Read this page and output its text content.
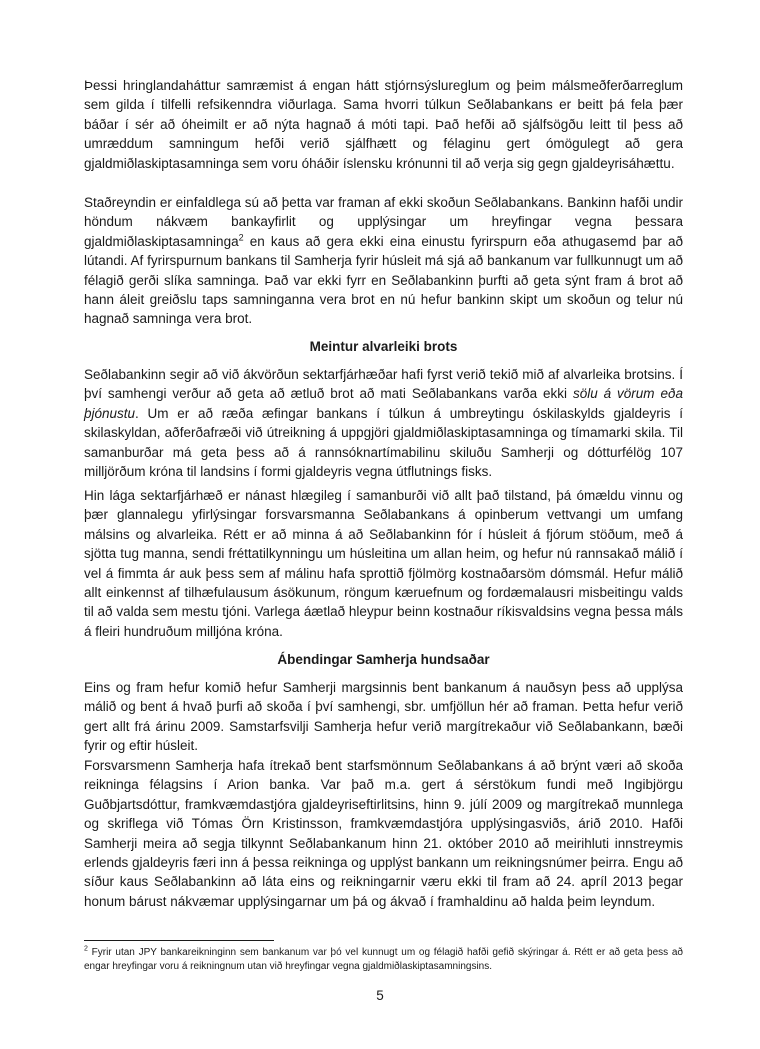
Þessi hringlandaháttur samræmist á engan hátt stjórnsýslureglum og þeim málsmeðferðarreglum sem gilda í tilfelli refsikenndra viðurlaga. Sama hvorri túlkun Seðlabankans er beitt þá fela þær báðar í sér að óheimilt er að nýta hagnað á móti tapi. Það hefði að sjálfsögðu leitt til þess að umræddum samningum hefði verið sjálfhætt og félaginu gert ómögulegt að gera gjaldmiðlaskiptasamninga sem voru óháðir íslensku krónunni til að verja sig gegn gjaldeyrisáhættu.

Staðreyndin er einfaldlega sú að þetta var framan af ekki skoðun Seðlabankans. Bankinn hafði undir höndum nákvæm bankayfirlit og upplýsingar um hreyfingar vegna þessara gjaldmiðlaskiptasamninga$^2$ en kaus að gera ekki eina einustu fyrirspurn eða athugasemd þar að lútandi. Af fyrirspurnum bankans til Samherja fyrir húsleit má sjá að bankanum var fullkunnugt um að félagið gerði slíka samninga. Það var ekki fyrr en Seðlabankinn þurfti að geta sýnt fram á brot að hann áleit greiðslu taps samninganna vera brot en nú hefur bankinn skipt um skoðun og telur nú hagnað samninga vera brot.

Meintur alvarleiki brots

Seðlabankinn segir að við ákvörðun sektarfjárhæðar hafi fyrst verið tekið mið af alvarleika brotsins. Í því samhengi verður að geta að ætluð brot að mati Seðlabankans varða ekki sölu á vörum eða þjónustu. Um er að ræða æfingar bankans í túlkun á umbreytingu óskilaskylds gjaldeyris í skilaskyldan, aðferðafræði við útreikning á uppgjöri gjaldmiðlaskiptasamninga og tímamarki skila. Til samanburðar má geta þess að á rannsóknartímabilinu skiluðu Samherji og dótturfélög 107 milljörðum króna til landsins í formi gjaldeyris vegna útflutnings fisks.

Hin lága sektarfjárhæð er nánast hlægileg í samanburði við allt það tilstand, þá ómældu vinnu og þær glannalegu yfirlýsingar forsvarsmanna Seðlabankans á opinberum vettvangi um umfang málsins og alvarleika. Rétt er að minna á að Seðlabankinn fór í húsleit á fjórum stöðum, með á sjötta tug manna, sendi fréttatilkynningu um húsleitina um allan heim, og hefur nú rannsakað málið í vel á fimmta ár auk þess sem af málinu hafa sprottið fjölmörg kostnaðarsöm dómsmál. Hefur málið allt einkennst af tilhæfulausum ásökunum, röngum kæruefnum og fordæmalausri misbeitingu valds til að valda sem mestu tjóni. Varlega áætlað hleypur beinn kostnaður ríkisvaldsins vegna þessa máls á fleiri hundruðum milljóna króna.

Ábendingar Samherja hundsaðar

Eins og fram hefur komið hefur Samherji margsinnis bent bankanum á nauðsyn þess að upplýsa málið og bent á hvað þurfi að skoða í því samhengi, sbr. umfjöllun hér að framan. Þetta hefur verið gert allt frá árinu 2009. Samstarfsvilji Samherja hefur verið margítrekaður við Seðlabankann, bæði fyrir og eftir húsleit.

Forsvarsmenn Samherja hafa ítrekað bent starfsmönnum Seðlabankans á að brýnt væri að skoða reikninga félagsins í Arion banka. Var það m.a. gert á sérstökum fundi með Ingibjörgu Guðbjartsdóttur, framkvæmdastjóra gjaldeyriseftirlitsins, hinn 9. júlí 2009 og margítrekað munnlega og skriflega við Tómas Örn Kristinsson, framkvæmdastjóra upplýsingasviðs, árið 2010. Hafði Samherji meira að segja tilkynnt Seðlabankanum hinn 21. október 2010 að meirihluti innstreymis erlends gjaldeyris færi inn á þessa reikninga og upplýst bankann um reikningsnúmer þeirra. Engu að síður kaus Seðlabankinn að láta eins og reikningarnir væru ekki til fram að 24. apríl 2013 þegar honum bárust nákvæmar upplýsingarnar um þá og ákvað í framhaldinu að halda þeim leyndum.

$^2$ Fyrir utan JPY bankareikninginn sem bankanum var þó vel kunnugt um og félagið hafði gefið skýringar á. Rétt er að geta þess að engar hreyfingar voru á reikningnum utan við hreyfingar vegna gjaldmiðlaskiptasamningsins.

5
